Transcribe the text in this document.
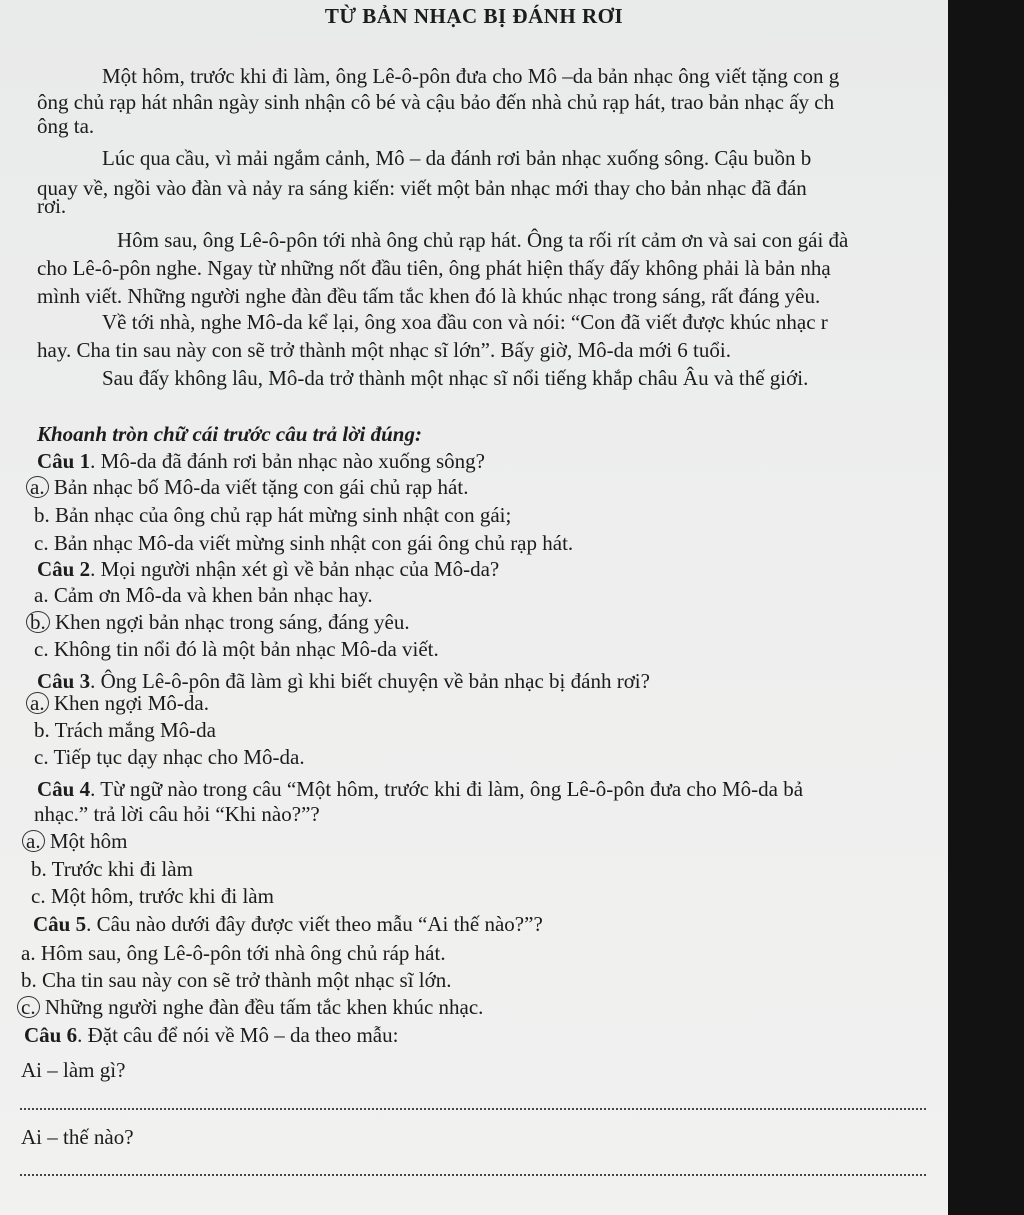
TỪ BẢN NHẠC BỊ ĐÁNH RƠI
Một hôm, trước khi đi làm, ông Lê-ô-pôn đưa cho Mô –da bản nhạc ông viết tặng con g
ông chủ rạp hát nhân ngày sinh nhận cô bé và cậu bảo đến nhà chủ rạp hát, trao bản nhạc ấy ch
ông ta.
Lúc qua cầu, vì mải ngắm cảnh, Mô – da đánh rơi bản nhạc xuống sông. Cậu buồn b
quay về, ngồi vào đàn và nảy ra sáng kiến: viết một bản nhạc mới thay cho bản nhạc đã đán
rơi.
Hôm sau, ông Lê-ô-pôn tới nhà ông chủ rạp hát. Ông ta rối rít cảm ơn và sai con gái đà
cho Lê-ô-pôn nghe. Ngay từ những nốt đầu tiên, ông phát hiện thấy đấy không phải là bản nhạ
mình viết. Những người nghe đàn đều tấm tắc khen đó là khúc nhạc trong sáng, rất đáng yêu.
Về tới nhà, nghe Mô-da kể lại, ông xoa đầu con và nói: “Con đã viết được khúc nhạc r
hay. Cha tin sau này con sẽ trở thành một nhạc sĩ lớn”. Bấy giờ, Mô-da mới 6 tuổi.
Sau đấy không lâu, Mô-da trở thành một nhạc sĩ nổi tiếng khắp châu Âu và thế giới.
Khoanh tròn chữ cái trước câu trả lời đúng:
Câu 1. Mô-da đã đánh rơi bản nhạc nào xuống sông?
a. Bản nhạc bố Mô-da viết tặng con gái chủ rạp hát.
b. Bản nhạc của ông chủ rạp hát mừng sinh nhật con gái;
c. Bản nhạc Mô-da viết mừng sinh nhật con gái ông chủ rạp hát.
Câu 2. Mọi người nhận xét gì về bản nhạc của Mô-da?
a. Cảm ơn Mô-da và khen bản nhạc hay.
b. Khen ngợi bản nhạc trong sáng, đáng yêu.
c. Không tin nổi đó là một bản nhạc Mô-da viết.
Câu 3. Ông Lê-ô-pôn đã làm gì khi biết chuyện về bản nhạc bị đánh rơi?
a. Khen ngợi Mô-da.
b. Trách mắng Mô-da
c. Tiếp tục dạy nhạc cho Mô-da.
Câu 4. Từ ngữ nào trong câu “Một hôm, trước khi đi làm, ông Lê-ô-pôn đưa cho Mô-da bả
nhạc.” trả lời câu hỏi “Khi nào?”?
a. Một hôm
b. Trước khi đi làm
c. Một hôm, trước khi đi làm
Câu 5. Câu nào dưới đây được viết theo mẫu “Ai thế nào?”?
a. Hôm sau, ông Lê-ô-pôn tới nhà ông chủ ráp hát.
b. Cha tin sau này con sẽ trở thành một nhạc sĩ lớn.
c. Những người nghe đàn đều tấm tắc khen khúc nhạc.
Câu 6. Đặt câu để nói về Mô – da theo mẫu:
Ai – làm gì?
Ai – thế nào?
